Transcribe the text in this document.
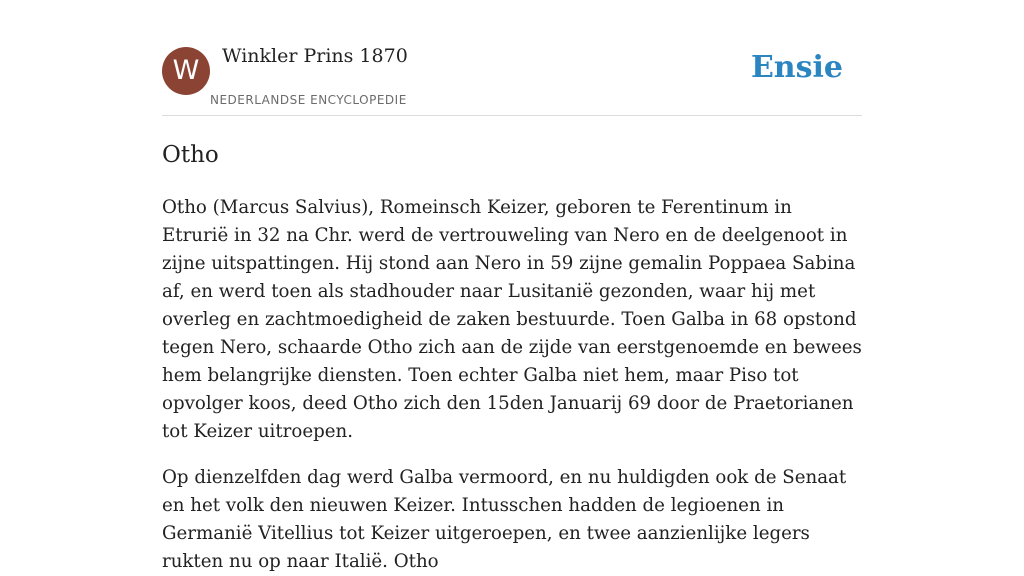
W	Winkler Prins 1870
NEDERLANDSE ENCYCLOPEDIE
Ensie
Otho

Otho (Marcus Salvius), Romeinsch Keizer, geboren te Ferentinum in Etrurië in 32 na Chr. werd de vertrouweling van Nero en de deelgenoot in zijne uitspattingen. Hij stond aan Nero in 59 zijne gemalin Poppaea Sabina af, en werd toen als stadhouder naar Lusitanië gezonden, waar hij met overleg en zachtmoedigheid de zaken bestuurde. Toen Galba in 68 opstond tegen Nero, schaarde Otho zich aan de zijde van eerstgenoemde en bewees hem belangrijke diensten. Toen echter Galba niet hem, maar Piso tot opvolger koos, deed Otho zich den 15den Januarij 69 door de Praetorianen tot Keizer uitroepen.

Op dienzelfden dag werd Galba vermoord, en nu huldigden ook de Senaat en het volk den nieuwen Keizer. Intusschen hadden de legioenen in Germanië Vitellius tot Keizer uitgeroepen, en twee aanzienlijke legers rukten nu op naar Italië. Otho
